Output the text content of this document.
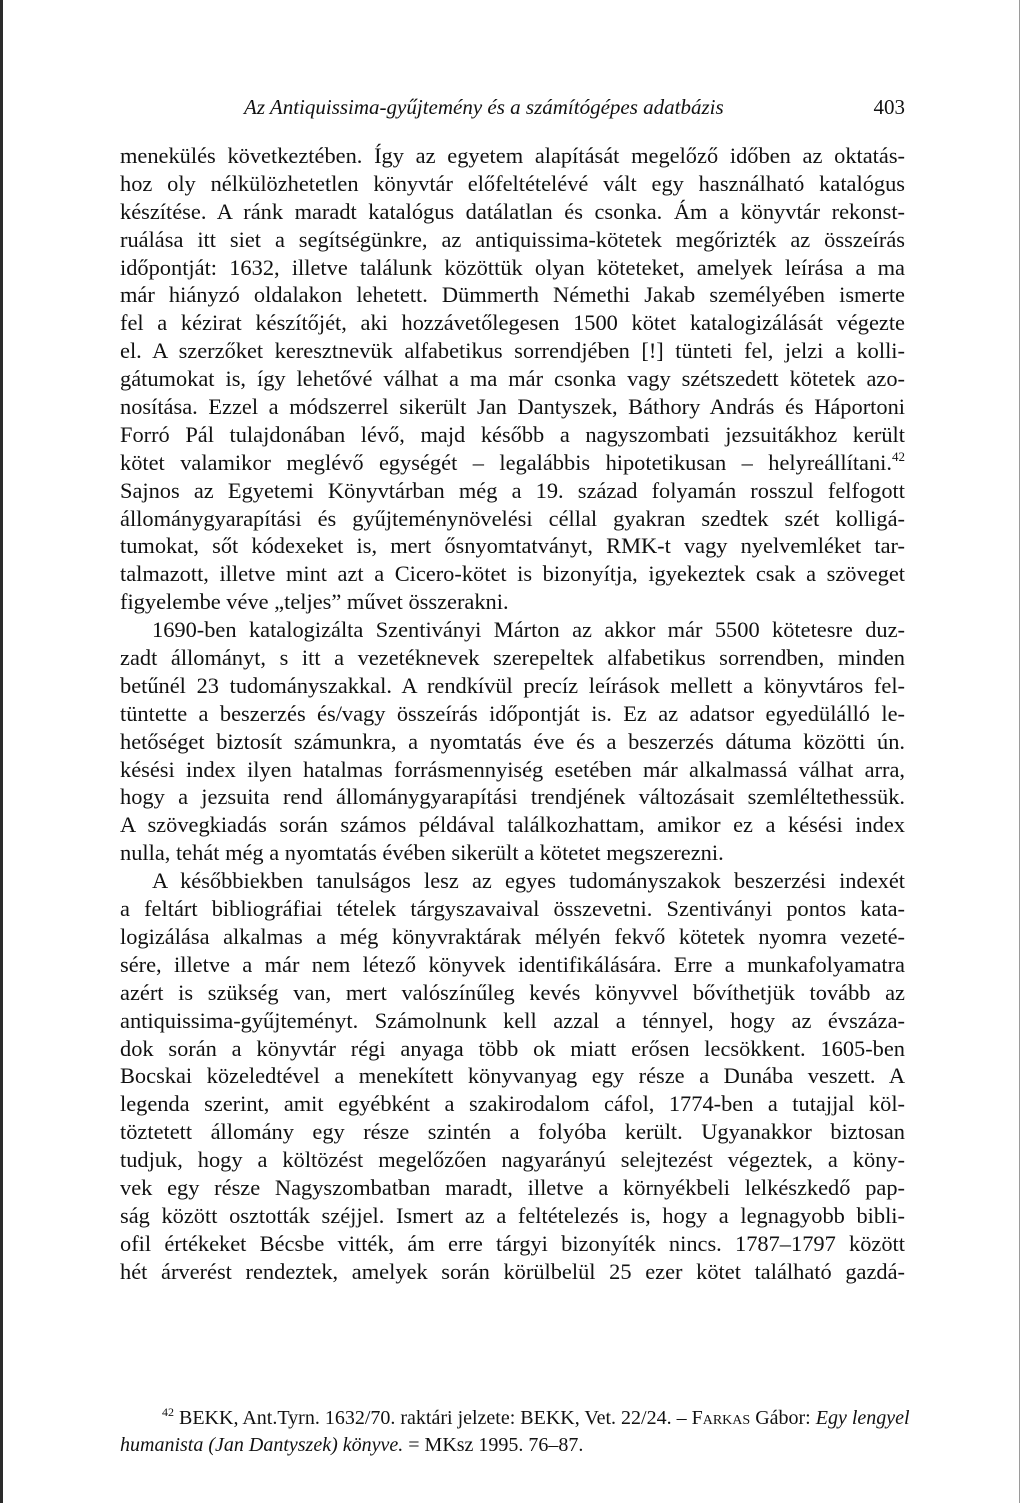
Az Antiquissima-gyűjtemény és a számítógépes adatbázis	403
menekülés következtében. Így az egyetem alapítását megelőző időben az oktatás-
hoz oly nélkülözhetetlen könyvtár előfeltételévé vált egy használható katalógus
készítése. A ránk maradt katalógus datálatlan és csonka. Ám a könyvtár rekonst-
ruálása itt siet a segítségünkre, az antiquissima-kötetek megőrizték az összeírás
időpontját: 1632, illetve találunk közöttük olyan köteteket, amelyek leírása a ma
már hiányzó oldalakon lehetett. Dümmerth Némethi Jakab személyében ismerte
fel a kézirat készítőjét, aki hozzávetőlegesen 1500 kötet katalogizálását végezte
el. A szerzőket keresztnevük alfabetikus sorrendjében [!] tünteti fel, jelzi a kolli-
gátumokat is, így lehetővé válhat a ma már csonka vagy szétszedett kötetek azo-
nosítása. Ezzel a módszerrel sikerült Jan Dantyszek, Báthory András és Háportoni
Forró Pál tulajdonában lévő, majd később a nagyszombati jezsuitákhoz került
kötet valamikor meglévő egységét – legalábbis hipotetikusan – helyreállítani.$^{42}$
Sajnos az Egyetemi Könyvtárban még a 19. század folyamán rosszul felfogott
állománygyarapítási és gyűjteménynövelési céllal gyakran szedtek szét kolligá-
tumokat, sőt kódexeket is, mert ősnyomtatványt, RMK-t vagy nyelvemléket tar-
talmazott, illetve mint azt a Cicero-kötet is bizonyítja, igyekeztek csak a szöveget
figyelembe véve „teljes” művet összerakni.
1690-ben katalogizálta Szentiványi Márton az akkor már 5500 kötetesre duz-
zadt állományt, s itt a vezetéknevek szerepeltek alfabetikus sorrendben, minden
betűnél 23 tudományszakkal. A rendkívül precíz leírások mellett a könyvtáros fel-
tüntette a beszerzés és/vagy összeírás időpontját is. Ez az adatsor egyedülálló le-
hetőséget biztosít számunkra, a nyomtatás éve és a beszerzés dátuma közötti ún.
késési index ilyen hatalmas forrásmennyiség esetében már alkalmassá válhat arra,
hogy a jezsuita rend állománygyarapítási trendjének változásait szemléltethessük.
A szövegkiadás során számos példával találkozhattam, amikor ez a késési index
nulla, tehát még a nyomtatás évében sikerült a kötetet megszerezni.
A későbbiekben tanulságos lesz az egyes tudományszakok beszerzési indexét
a feltárt bibliográfiai tételek tárgyszavaival összevetni. Szentiványi pontos kata-
logizálása alkalmas a még könyvraktárak mélyén fekvő kötetek nyomra vezeté-
sére, illetve a már nem létező könyvek identifikálására. Erre a munkafolyamatra
azért is szükség van, mert valószínűleg kevés könyvvel bővíthetjük tovább az
antiquissima-gyűjteményt. Számolnunk kell azzal a ténnyel, hogy az évszáza-
dok során a könyvtár régi anyaga több ok miatt erősen lecsökkent. 1605-ben
Bocskai közeledtével a menekített könyvanyag egy része a Dunába veszett. A
legenda szerint, amit egyébként a szakirodalom cáfol, 1774-ben a tutajjal köl-
töztetett állomány egy része szintén a folyóba került. Ugyanakkor biztosan
tudjuk, hogy a költözést megelőzően nagyarányú selejtezést végeztek, a köny-
vek egy része Nagyszombatban maradt, illetve a környékbeli lelkészkedő pap-
ság között osztották széjjel. Ismert az a feltételezés is, hogy a legnagyobb bibli-
ofil értékeket Bécsbe vitték, ám erre tárgyi bizonyíték nincs. 1787–1797 között
hét árverést rendeztek, amelyek során körülbelül 25 ezer kötet található gazdá-
$^{42}$ BEKK, Ant.Tyrn. 1632/70. raktári jelzete: BEKK, Vet. 22/24. – Farkas Gábor: Egy lengyel
humanista (Jan Dantyszek) könyve. = MKsz 1995. 76–87.
